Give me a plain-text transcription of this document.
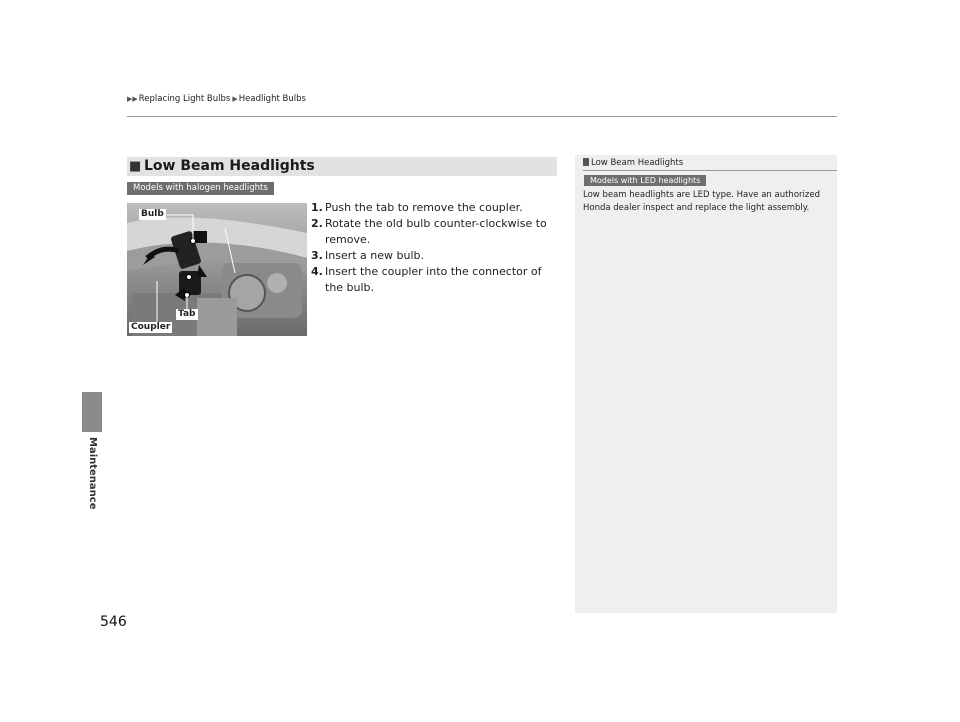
▶▶ Replacing Light Bulbs ▶ Headlight Bulbs
Maintenance
■ Low Beam Headlights
Models with halogen headlights
Bulb
Tab
Coupler
1. Push the tab to remove the coupler.
2. Rotate the old bulb counter-clockwise to remove.
3. Insert a new bulb.
4. Insert the coupler into the connector of the bulb.
Low Beam Headlights
Models with LED headlights
Low beam headlights are LED type. Have an authorized Honda dealer inspect and replace the light assembly.
546
